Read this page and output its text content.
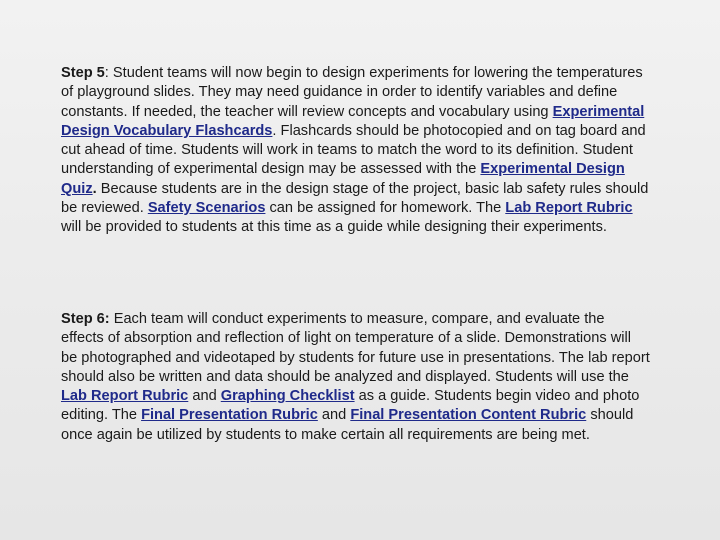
Step 5: Student teams will now begin to design experiments for lowering the temperatures of playground slides. They may need guidance in order to identify variables and define constants. If needed, the teacher will review concepts and vocabulary using Experimental Design Vocabulary Flashcards. Flashcards should be photocopied and on tag board and cut ahead of time. Students will work in teams to match the word to its definition. Student understanding of experimental design may be assessed with the Experimental Design Quiz. Because students are in the design stage of the project, basic lab safety rules should be reviewed. Safety Scenarios can be assigned for homework. The Lab Report Rubric will be provided to students at this time as a guide while designing their experiments.

Step 6: Each team will conduct experiments to measure, compare, and evaluate the effects of absorption and reflection of light on temperature of a slide. Demonstrations will be photographed and videotaped by students for future use in presentations. The lab report should also be written and data should be analyzed and displayed. Students will use the Lab Report Rubric and Graphing Checklist as a guide. Students begin video and photo editing. The Final Presentation Rubric and Final Presentation Content Rubric should once again be utilized by students to make certain all requirements are being met.
